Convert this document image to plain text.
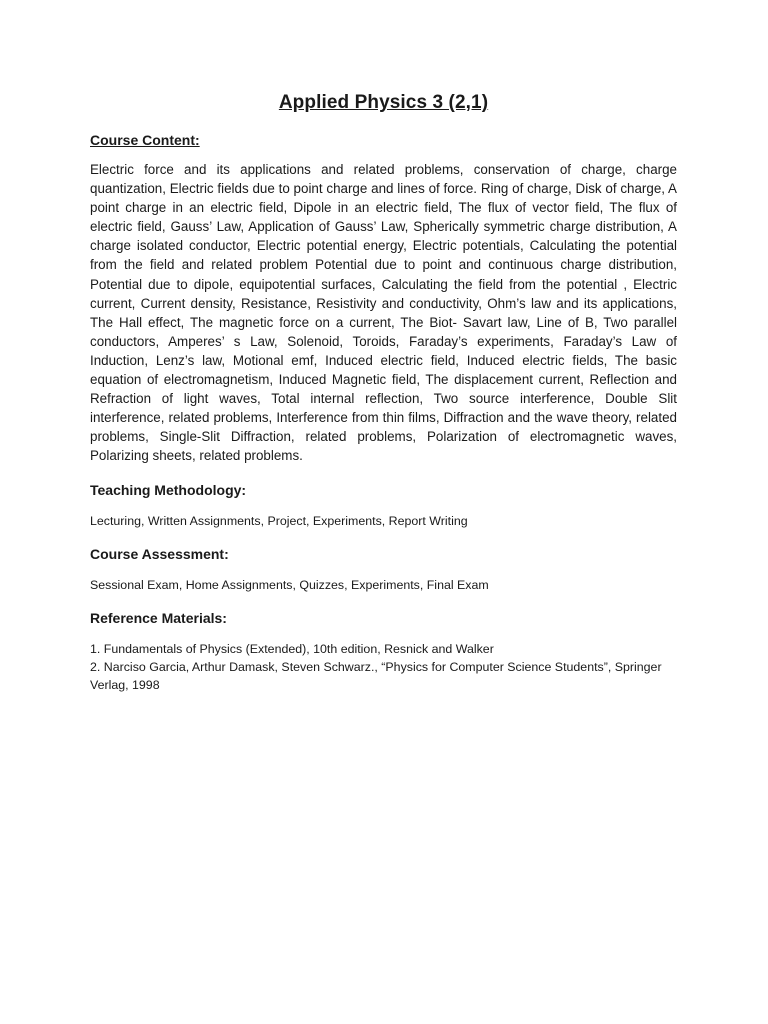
Applied Physics 3 (2,1)

Course Content:

Electric force and its applications and related problems, conservation of charge, charge quantization, Electric fields due to point charge and lines of force. Ring of charge, Disk of charge, A point charge in an electric field, Dipole in an electric field, The flux of vector field, The flux of electric field, Gauss’ Law, Application of Gauss’ Law, Spherically symmetric charge distribution, A charge isolated conductor, Electric potential energy, Electric potentials, Calculating the potential from the field and related problem Potential due to point and continuous charge distribution, Potential due to dipole, equipotential surfaces, Calculating the field from the potential , Electric current, Current density, Resistance, Resistivity and conductivity, Ohm’s law and its applications, The Hall effect, The magnetic force on a current, The Biot- Savart law, Line of B, Two parallel conductors, Amperes’ s Law, Solenoid, Toroids, Faraday’s experiments, Faraday’s Law of Induction, Lenz’s law, Motional emf, Induced electric field, Induced electric fields, The basic equation of electromagnetism, Induced Magnetic field, The displacement current, Reflection and Refraction of light waves, Total internal reflection, Two source interference, Double Slit interference, related problems, Interference from thin films, Diffraction and the wave theory, related problems, Single-Slit Diffraction, related problems, Polarization of electromagnetic waves, Polarizing sheets, related problems.

Teaching Methodology:

Lecturing, Written Assignments, Project, Experiments, Report Writing

Course Assessment:

Sessional Exam, Home Assignments, Quizzes, Experiments, Final Exam

Reference Materials:

1. Fundamentals of Physics (Extended), 10th edition, Resnick and Walker
2. Narciso Garcia, Arthur Damask, Steven Schwarz., “Physics for Computer Science Students”, Springer Verlag, 1998
